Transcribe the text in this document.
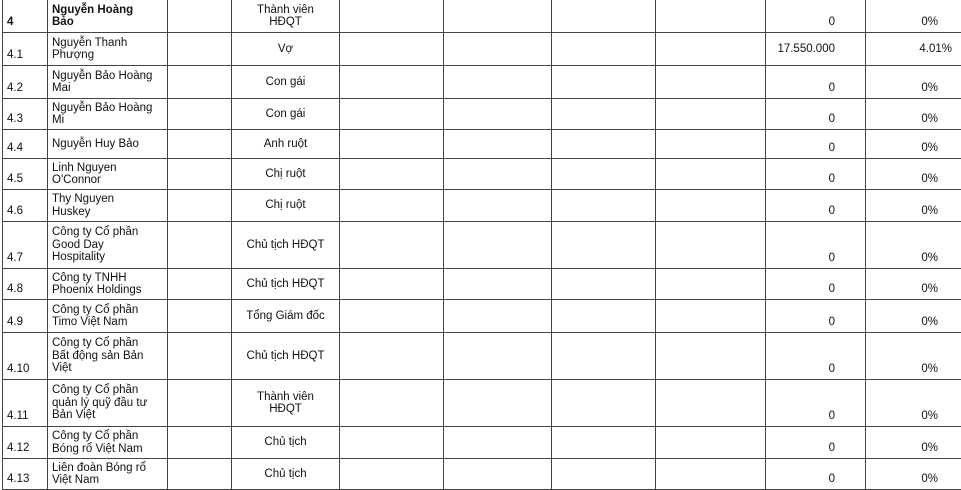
4	Nguyễn Hoàng
Bảo		Thành viên
HĐQT					0	0%
4.1	Nguyễn Thanh
Phượng		Vợ					17.550.000	4.01%
4.2	Nguyễn Bảo Hoàng
Mai		Con gái					0	0%
4.3	Nguyễn Bảo Hoàng
Mi		Con gái					0	0%
4.4	Nguyễn Huy Bảo		Anh ruột					0	0%
4.5	Linh Nguyen
O'Connor		Chị ruột					0	0%
4.6	Thy Nguyen
Huskey		Chị ruột					0	0%
4.7	Công ty Cổ phần
Good Day
Hospitality		Chủ tịch HĐQT					0	0%
4.8	Công ty TNHH
Phoenix Holdings		Chủ tịch HĐQT					0	0%
4.9	Công ty Cổ phần
Timo Việt Nam		Tổng Giám đốc					0	0%
4.10	Công ty Cổ phần
Bất động sản Bản
Việt		Chủ tịch HĐQT					0	0%
4.11	Công ty Cổ phần
quản lý quỹ đầu tư
Bản Việt		Thành viên
HĐQT					0	0%
4.12	Công ty Cổ phần
Bóng rổ Việt Nam		Chủ tịch					0	0%
4.13	Liên đoàn Bóng rổ
Việt Nam		Chủ tịch					0	0%
